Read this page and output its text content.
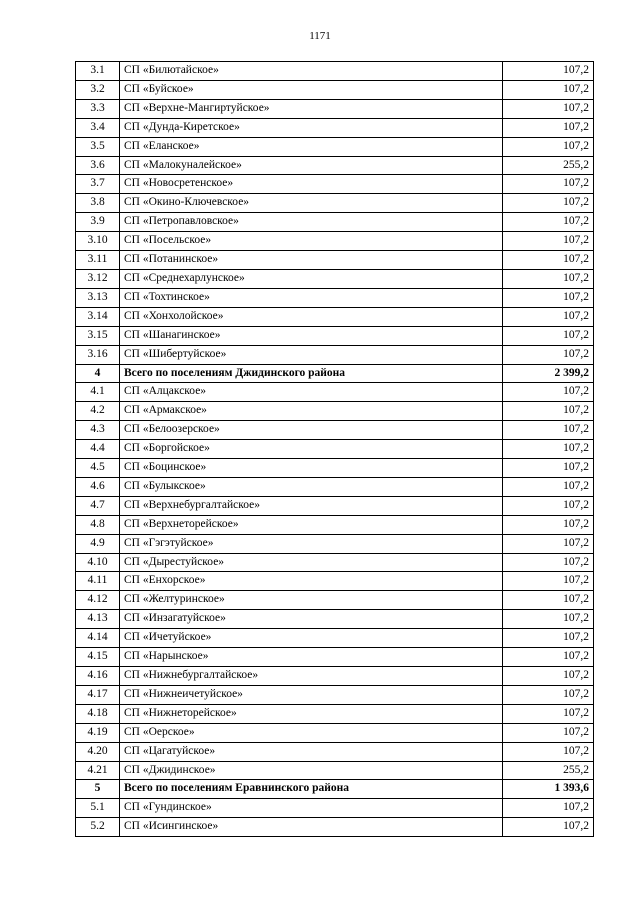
1171
3.1	СП «Билютайское»	107,2
3.2	СП «Буйское»	107,2
3.3	СП «Верхне-Мангиртуйское»	107,2
3.4	СП «Дунда-Киретское»	107,2
3.5	СП «Еланское»	107,2
3.6	СП «Малокуналейское»	255,2
3.7	СП «Новосретенское»	107,2
3.8	СП «Окино-Ключевское»	107,2
3.9	СП «Петропавловское»	107,2
3.10	СП «Посельское»	107,2
3.11	СП «Потанинское»	107,2
3.12	СП «Среднехарлунское»	107,2
3.13	СП «Тохтинское»	107,2
3.14	СП «Хонхолойское»	107,2
3.15	СП «Шанагинское»	107,2
3.16	СП «Шибертуйское»	107,2
4	Всего по поселениям Джидинского района	2 399,2
4.1	СП «Алцакское»	107,2
4.2	СП «Армакское»	107,2
4.3	СП «Белоозерское»	107,2
4.4	СП «Боргойское»	107,2
4.5	СП «Боцинское»	107,2
4.6	СП «Булыкское»	107,2
4.7	СП «Верхнебургалтайское»	107,2
4.8	СП «Верхнеторейское»	107,2
4.9	СП «Гэгэтуйское»	107,2
4.10	СП «Дырестуйское»	107,2
4.11	СП «Енхорское»	107,2
4.12	СП «Желтуринское»	107,2
4.13	СП «Инзагатуйское»	107,2
4.14	СП «Ичетуйское»	107,2
4.15	СП «Нарынское»	107,2
4.16	СП «Нижнебургалтайское»	107,2
4.17	СП «Нижнеичетуйское»	107,2
4.18	СП «Нижнеторейское»	107,2
4.19	СП «Оерское»	107,2
4.20	СП «Цагатуйское»	107,2
4.21	СП «Джидинское»	255,2
5	Всего по поселениям Еравнинского района	1 393,6
5.1	СП «Гундинское»	107,2
5.2	СП «Исингинское»	107,2
